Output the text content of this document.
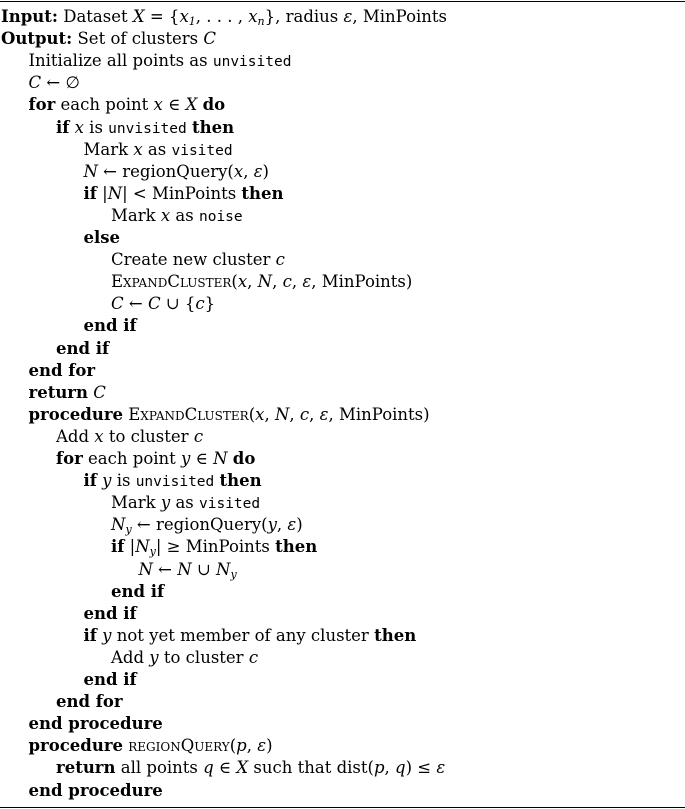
Input: Dataset $X = \{x_1$, . . . , $x_n$}, radius ε, MinPoints
Output: Set of clusters C
Initialize all points as unvisited
C ← ∅
for each point x ∈ X do
if x is unvisited then
Mark x as visited
N ← regionQuery(x, ε)
if |N| < MinPoints then
Mark x as noise
else
Create new cluster c
ExpandCluster(x, N, c, ε, MinPoints)
C ← C ∪ {c}
end if
end if
end for
return C
procedure ExpandCluster(x, N, c, ε, MinPoints)
Add x to cluster c
for each point y ∈ N do
if y is unvisited then
Mark y as visited
$N_y$ ← regionQuery(y, ε)
if $|N_y|$ ≥ MinPoints then
N ← N ∪ $N_y$
end if
end if
if y not yet member of any cluster then
Add y to cluster c
end if
end for
end procedure
procedure regionQuery(p, ε)
return all points q ∈ X such that dist(p, q) ≤ ε
end procedure
